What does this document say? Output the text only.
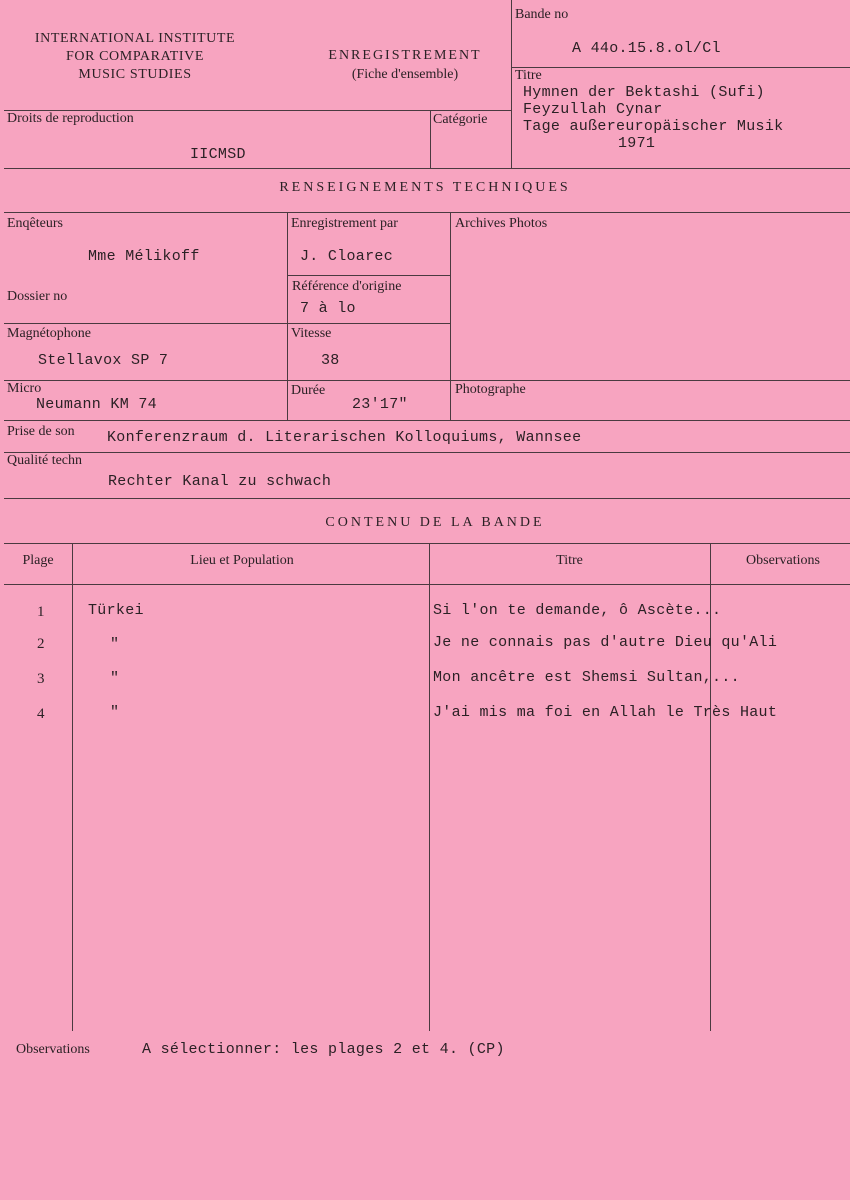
INTERNATIONAL INSTITUTE
FOR COMPARATIVE
MUSIC STUDIES
ENREGISTREMENT
(Fiche d'ensemble)
Bande no
A 44o.15.8.ol/Cl
Titre
Hymnen der Bektashi (Sufi)
Feyzullah Cynar
Tage außereuropäischer Musik
1971
Droits de reproduction
IICMSD
Catégorie
RENSEIGNEMENTS TECHNIQUES
Enqêteurs
Mme Mélikoff
Enregistrement par
J. Cloarec
Archives Photos
Dossier no
Référence d'origine
7 à lo
Magnétophone
Stellavox SP 7
Vitesse
38
Micro
Neumann KM 74
Durée
23'17"
Photographe
Prise de son Konferenzraum d. Literarischen Kolloquiums, Wannsee
Qualité techn
Rechter Kanal zu schwach
CONTENU DE LA BANDE
Plage	Lieu et Population	Titre	Observations
1	Türkei	Si l'on te demande, ô Ascète...
2	"	Je ne connais pas d'autre Dieu qu'Ali
3	"	Mon ancêtre est Shemsi Sultan,...
4	"	J'ai mis ma foi en Allah le Très Haut
Observations	A sélectionner: les plages 2 et 4. (CP)
